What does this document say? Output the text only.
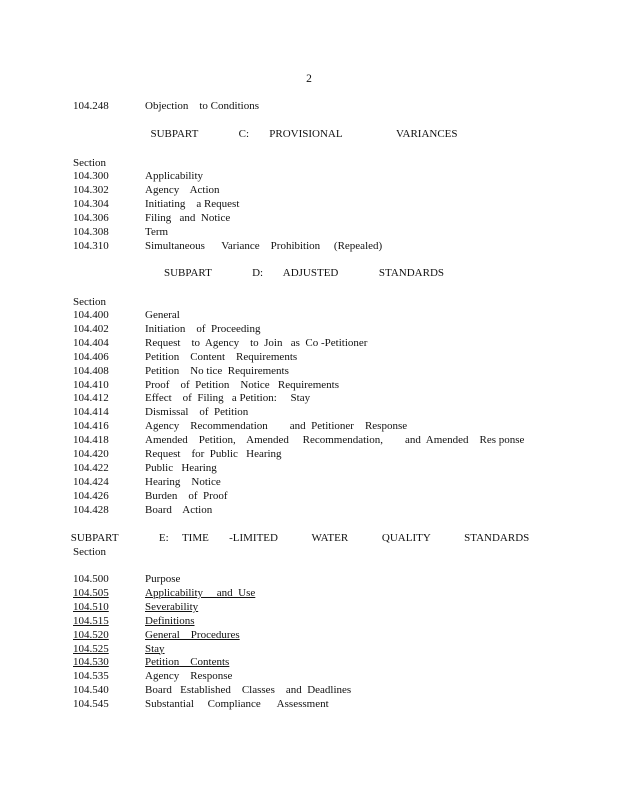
2
104.248	Objection    to Conditions
SUBPART      C:   PROVISIONAL        VARIANCES
Section
104.300	Applicability
104.302	Agency    Action
104.304	Initiating    a Request
104.306	Filing   and  Notice
104.308	Term
104.310	Simultaneous      Variance    Prohibition     (Repealed)
SUBPART      D:   ADJUSTED      STANDARDS
Section
104.400	General
104.402	Initiation    of  Proceeding
104.404	Request    to  Agency    to  Join   as  Co -Petitioner
104.406	Petition    Content    Requirements
104.408	Petition    No tice  Requirements
104.410	Proof    of  Petition    Notice   Requirements
104.412	Effect    of  Filing   a Petition:     Stay
104.414	Dismissal    of  Petition
104.416	Agency    Recommendation        and  Petitioner    Response
104.418	Amended    Petition,    Amended     Recommendation,        and  Amended    Res ponse
104.420	Request    for  Public   Hearing
104.422	Public   Hearing
104.424	Hearing    Notice
104.426	Burden    of  Proof
104.428	Board    Action
SUBPART      E:  TIME   -LIMITED     WATER     QUALITY     STANDARDS
Section
104.500	Purpose
104.505	Applicability     and  Use
104.510	Severability
104.515	Definitions
104.520	General    Procedures
104.525	Stay
104.530	Petition    Contents
104.535	Agency    Response
104.540	Board   Established    Classes    and  Deadlines
104.545	Substantial     Compliance      Assessment
